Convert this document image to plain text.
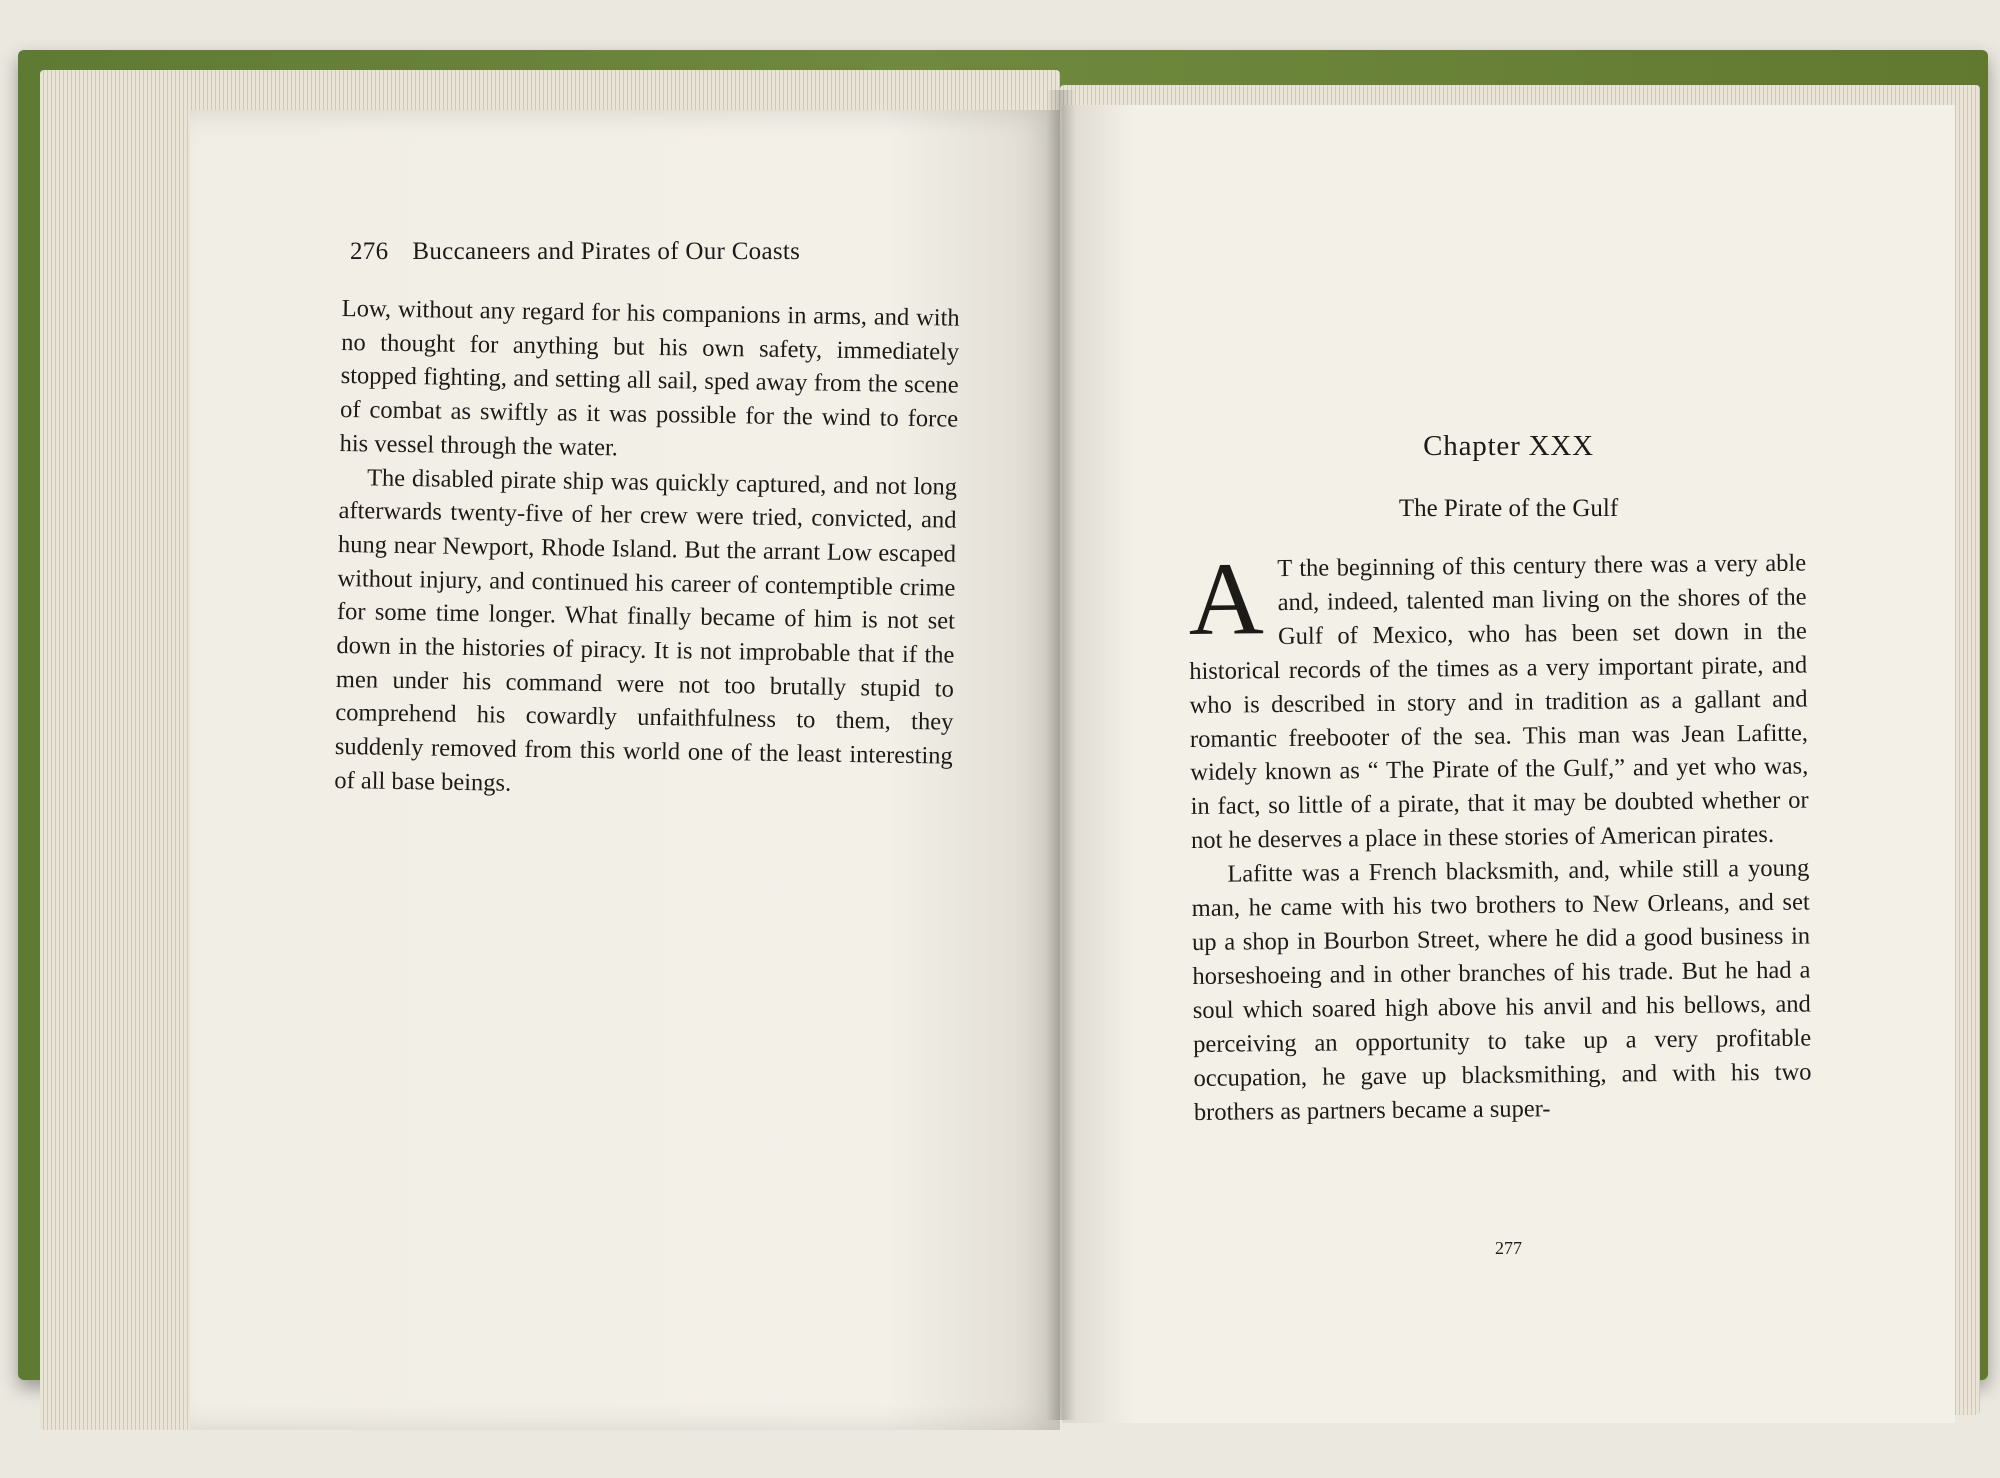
276 Buccaneers and Pirates of Our Coasts

Low, without any regard for his companions in arms, and with no thought for anything but his own safety, immediately stopped fighting, and setting all sail, sped away from the scene of combat as swiftly as it was possible for the wind to force his vessel through the water.

The disabled pirate ship was quickly captured, and not long afterwards twenty-five of her crew were tried, convicted, and hung near Newport, Rhode Island. But the arrant Low escaped without injury, and continued his career of contemptible crime for some time longer. What finally became of him is not set down in the histories of piracy. It is not improbable that if the men under his command were not too brutally stupid to comprehend his cowardly unfaithfulness to them, they suddenly removed from this world one of the least interesting of all base beings.

Chapter XXX
The Pirate of the Gulf

A T the beginning of this century there was a very able and, indeed, talented man living on the shores of the Gulf of Mexico, who has been set down in the historical records of the times as a very important pirate, and who is described in story and in tradition as a gallant and romantic freebooter of the sea. This man was Jean Lafitte, widely known as “ The Pirate of the Gulf,” and yet who was, in fact, so little of a pirate, that it may be doubted whether or not he deserves a place in these stories of American pirates.

Lafitte was a French blacksmith, and, while still a young man, he came with his two brothers to New Orleans, and set up a shop in Bourbon Street, where he did a good business in horseshoeing and in other branches of his trade. But he had a soul which soared high above his anvil and his bellows, and perceiving an opportunity to take up a very profitable occupation, he gave up blacksmithing, and with his two brothers as partners became a super-

277
